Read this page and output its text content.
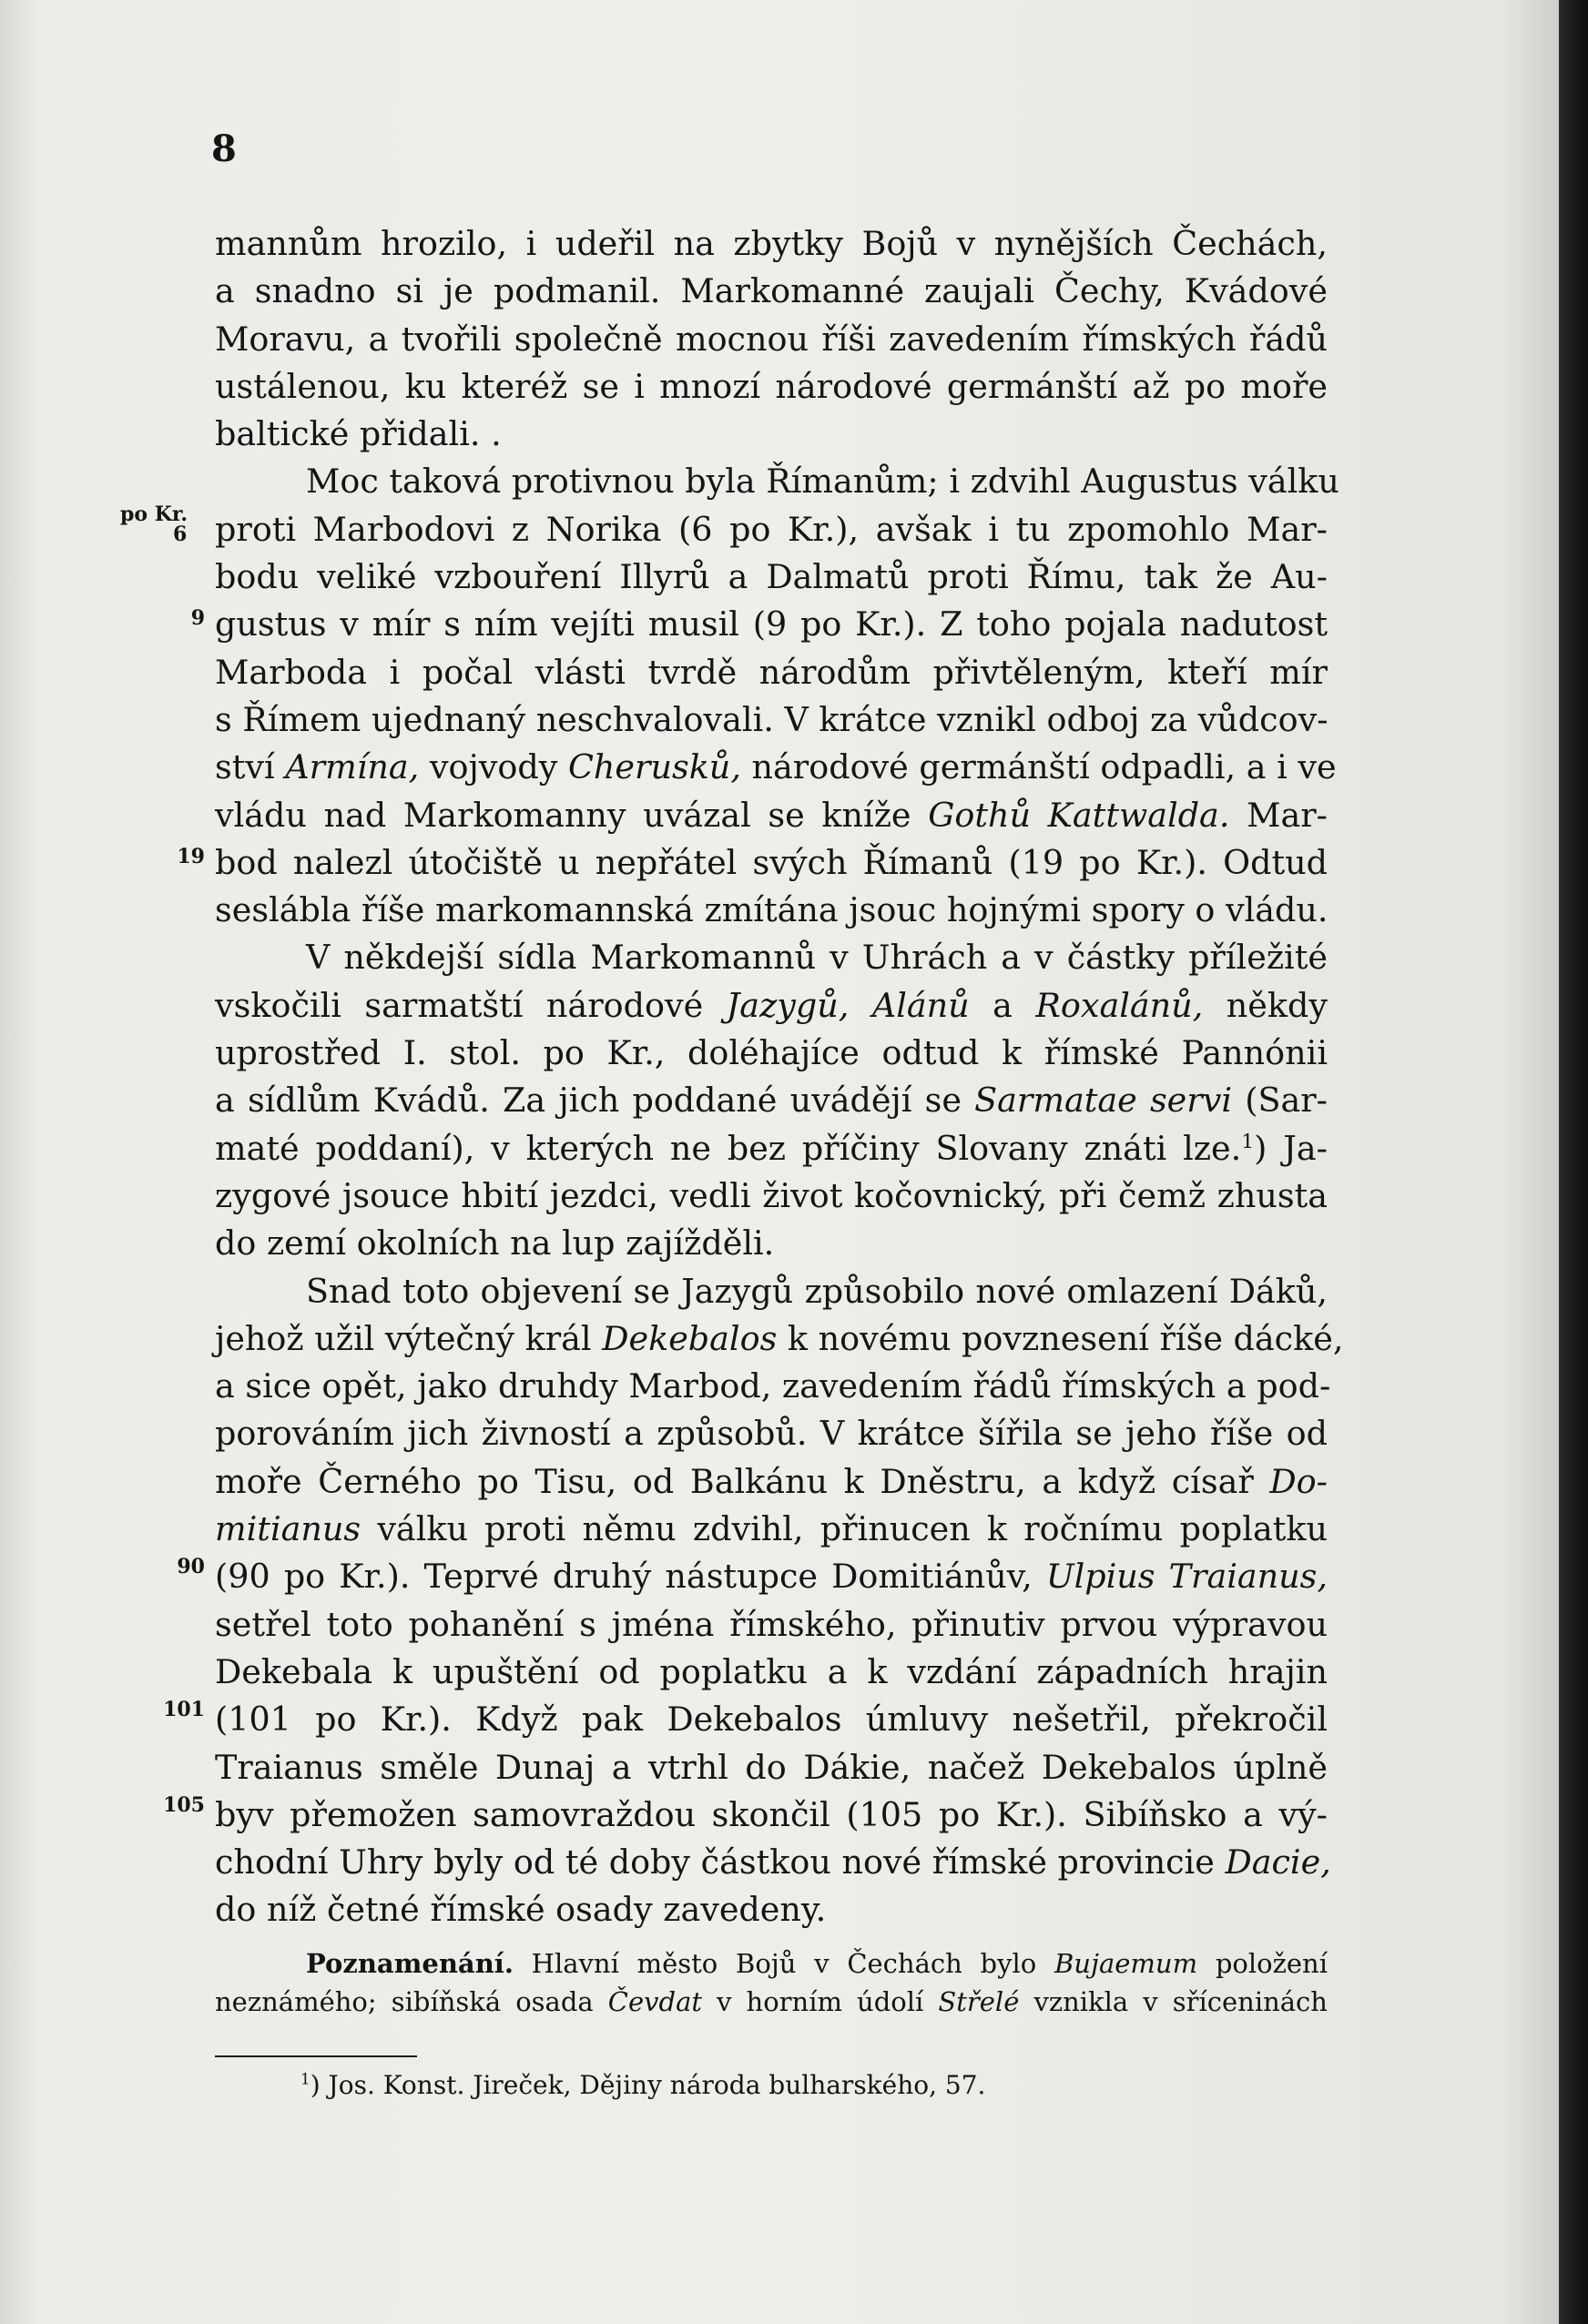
8
mannům hrozilo, i udeřil na zbytky Bojů v nynějších Čechách,
a snadno si je podmanil. Markomanné zaujali Čechy, Kvádové
Moravu, a tvořili společně mocnou říši zavedením římských řádů
ustálenou, ku kteréž se i mnozí národové germánští až po moře
baltické přidali. .
Moc taková protivnou byla Římanům; i zdvihl Augustus válku
proti Marbodovi z Norika (6 po Kr.), avšak i tu zpomohlo Mar-
bodu veliké vzbouření Illyrů a Dalmatů proti Římu, tak že Au-
gustus v mír s ním vejíti musil (9 po Kr.). Z toho pojala nadutost
Marboda i počal vlásti tvrdě národům přivtěleným, kteří mír
s Římem ujednaný neschvalovali. V krátce vznikl odboj za vůdcov-
ství Armína, vojvody Cherusků, národové germánští odpadli, a i ve
vládu nad Markomanny uvázal se kníže Gothů Kattwalda. Mar-
bod nalezl útočiště u nepřátel svých Římanů (19 po Kr.). Odtud
seslábla říše markomannská zmítána jsouc hojnými spory o vládu.
V někdejší sídla Markomannů v Uhrách a v částky příležité
vskočili sarmatští národové Jazygů, Alánů a Roxalánů, někdy
uprostřed I. stol. po Kr., doléhajíce odtud k římské Pannónii
a sídlům Kvádů. Za jich poddané uvádějí se Sarmatae servi (Sar-
maté poddaní), v kterých ne bez příčiny Slovany znáti lze.$^1$) Ja-
zygové jsouce hbití jezdci, vedli život kočovnický, při čemž zhusta
do zemí okolních na lup zajížděli.
Snad toto objevení se Jazygů způsobilo nové omlazení Dáků,
jehož užil výtečný král Dekebalos k novému povznesení říše dácké,
a sice opět, jako druhdy Marbod, zavedením řádů římských a pod-
porováním jich živností a způsobů. V krátce šířila se jeho říše od
moře Černého po Tisu, od Balkánu k Dněstru, a když císař Do-
mitianus válku proti němu zdvihl, přinucen k ročnímu poplatku
(90 po Kr.). Teprvé druhý nástupce Domitiánův, Ulpius Traianus,
setřel toto pohanění s jména římského, přinutiv prvou výpravou
Dekebala k upuštění od poplatku a k vzdání západních hrajin
(101 po Kr.). Když pak Dekebalos úmluvy nešetřil, překročil
Traianus směle Dunaj a vtrhl do Dákie, načež Dekebalos úplně
byv přemožen samovraždou skončil (105 po Kr.). Sibíňsko a vý-
chodní Uhry byly od té doby částkou nové římské provincie Dacie,
do níž četné římské osady zavedeny.
po Kr.
6
9
19
90
101
105
Poznamenání. Hlavní město Bojů v Čechách bylo Bujaemum položení
neznámého; sibíňská osada Čevdat v horním údolí Střelé vznikla v sříceninách
$^1$) Jos. Konst. Jireček, Dějiny národa bulharského, 57.
